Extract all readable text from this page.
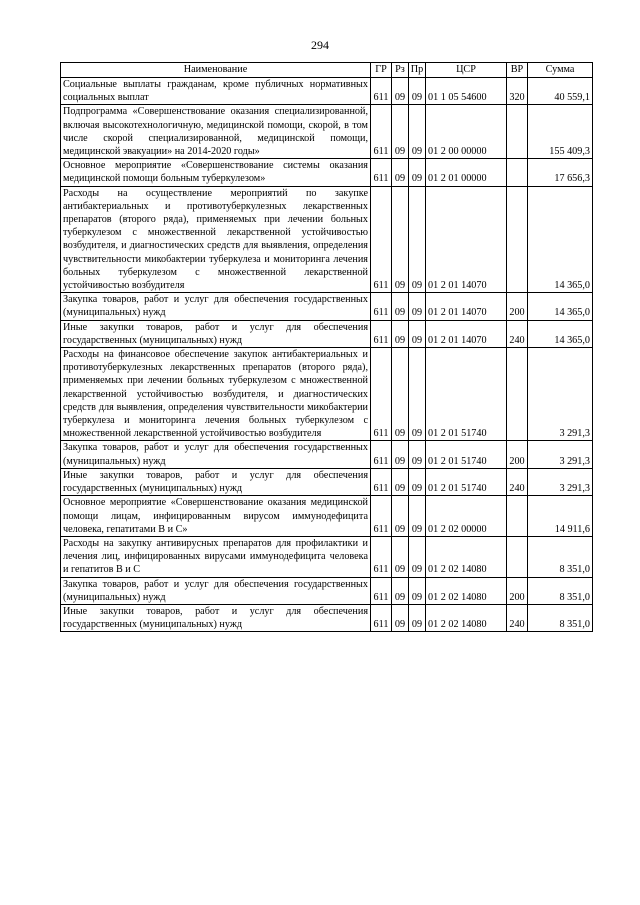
294
Наименование	ГР	Рз	Пр	ЦСР	ВР	Сумма
Социальные выплаты гражданам, кроме публичных нормативных социальных выплат	611	09	09	01 1 05 54600	320	40 559,1
Подпрограмма «Совершенствование оказания специализированной, включая высокотехнологичную, медицинской помощи, скорой, в том числе скорой специализированной, медицинской помощи, медицинской эвакуации» на 2014-2020 годы»	611	09	09	01 2 00 00000		155 409,3
Основное мероприятие «Совершенствование системы оказания медицинской помощи больным туберкулезом»	611	09	09	01 2 01 00000		17 656,3
Расходы на осуществление мероприятий по закупке антибактериальных и противотуберкулезных лекарственных препаратов (второго ряда), применяемых при лечении больных туберкулезом с множественной лекарственной устойчивостью возбудителя, и диагностических средств для выявления, определения чувствительности микобактерии туберкулеза и мониторинга лечения больных туберкулезом с множественной лекарственной устойчивостью возбудителя	611	09	09	01 2 01 14070		14 365,0
Закупка товаров, работ и услуг для обеспечения государственных (муниципальных) нужд	611	09	09	01 2 01 14070	200	14 365,0
Иные закупки товаров, работ и услуг для обеспечения государственных (муниципальных) нужд	611	09	09	01 2 01 14070	240	14 365,0
Расходы на финансовое обеспечение закупок антибактериальных и противотуберкулезных лекарственных препаратов (второго ряда), применяемых при лечении больных туберкулезом с множественной лекарственной устойчивостью возбудителя, и диагностических средств для выявления, определения чувствительности микобактерии туберкулеза и мониторинга лечения больных туберкулезом с множественной лекарственной устойчивостью возбудителя	611	09	09	01 2 01 51740		3 291,3
Закупка товаров, работ и услуг для обеспечения государственных (муниципальных) нужд	611	09	09	01 2 01 51740	200	3 291,3
Иные закупки товаров, работ и услуг для обеспечения государственных (муниципальных) нужд	611	09	09	01 2 01 51740	240	3 291,3
Основное мероприятие «Совершенствование оказания медицинской помощи лицам, инфицированным вирусом иммунодефицита человека, гепатитами В и С»	611	09	09	01 2 02 00000		14 911,6
Расходы на закупку антивирусных препаратов для профилактики и лечения лиц, инфицированных вирусами иммунодефицита человека и гепатитов В и С	611	09	09	01 2 02 14080		8 351,0
Закупка товаров, работ и услуг для обеспечения государственных (муниципальных) нужд	611	09	09	01 2 02 14080	200	8 351,0
Иные закупки товаров, работ и услуг для обеспечения государственных (муниципальных) нужд	611	09	09	01 2 02 14080	240	8 351,0
